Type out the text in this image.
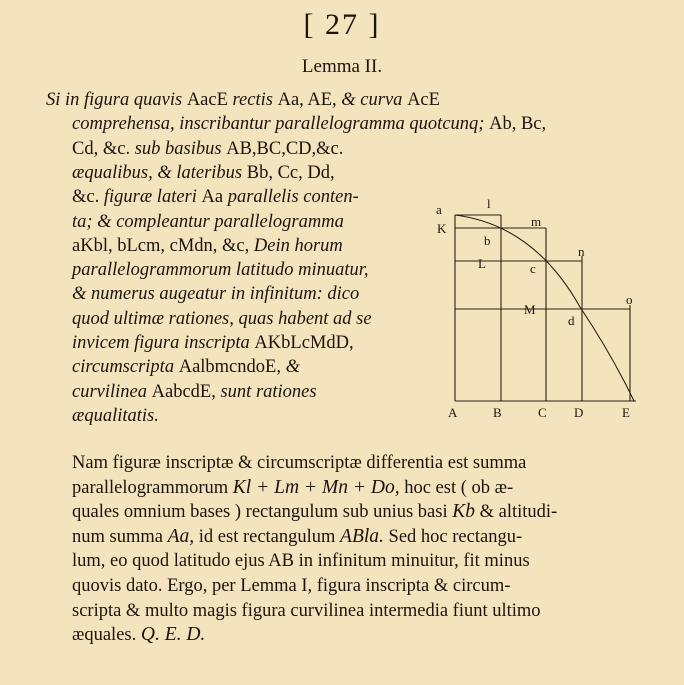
[ 27 ]
Lemma II.
Si in figura quavis AacE rectis Aa, AE, & curva AcE
comprehensa, inscribantur parallelogramma quotcunq; Ab, Bc,
Cd, &c. sub basibus AB,BC,CD,&c.
æqualibus, & lateribus Bb, Cc, Dd,
&c. figuræ lateri Aa parallelis conten-
ta; & compleantur parallelogramma
aKbl, bLcm, cMdn, &c, Dein horum
parallelogrammorum latitudo minuatur,
& numerus augeatur in infinitum: dico
quod ultimæ rationes, quas habent ad se
invicem figura inscripta AKbLcMdD,
circumscripta AalbmcndoE, &
curvilinea AabcdE, sunt rationes
æqualitatis.
Nam figuræ inscriptæ & circumscriptæ differentia est summa
parallelogrammorum Kl + Lm + Mn + Do, hoc est ( ob æ-
quales omnium bases ) rectangulum sub unius basi Kb & altitudi-
num summa Aa, id est rectangulum ABla. Sed hoc rectangu-
lum, eo quod latitudo ejus AB in infinitum minuitur, fit minus
quovis dato. Ergo, per Lemma I, figura inscripta & circum-
scripta & multo magis figura curvilinea intermedia fiunt ultimo
æquales. Q. E. D.
a	l
K	m
b
L
n
c
M
o
d
A	B	C D	E
